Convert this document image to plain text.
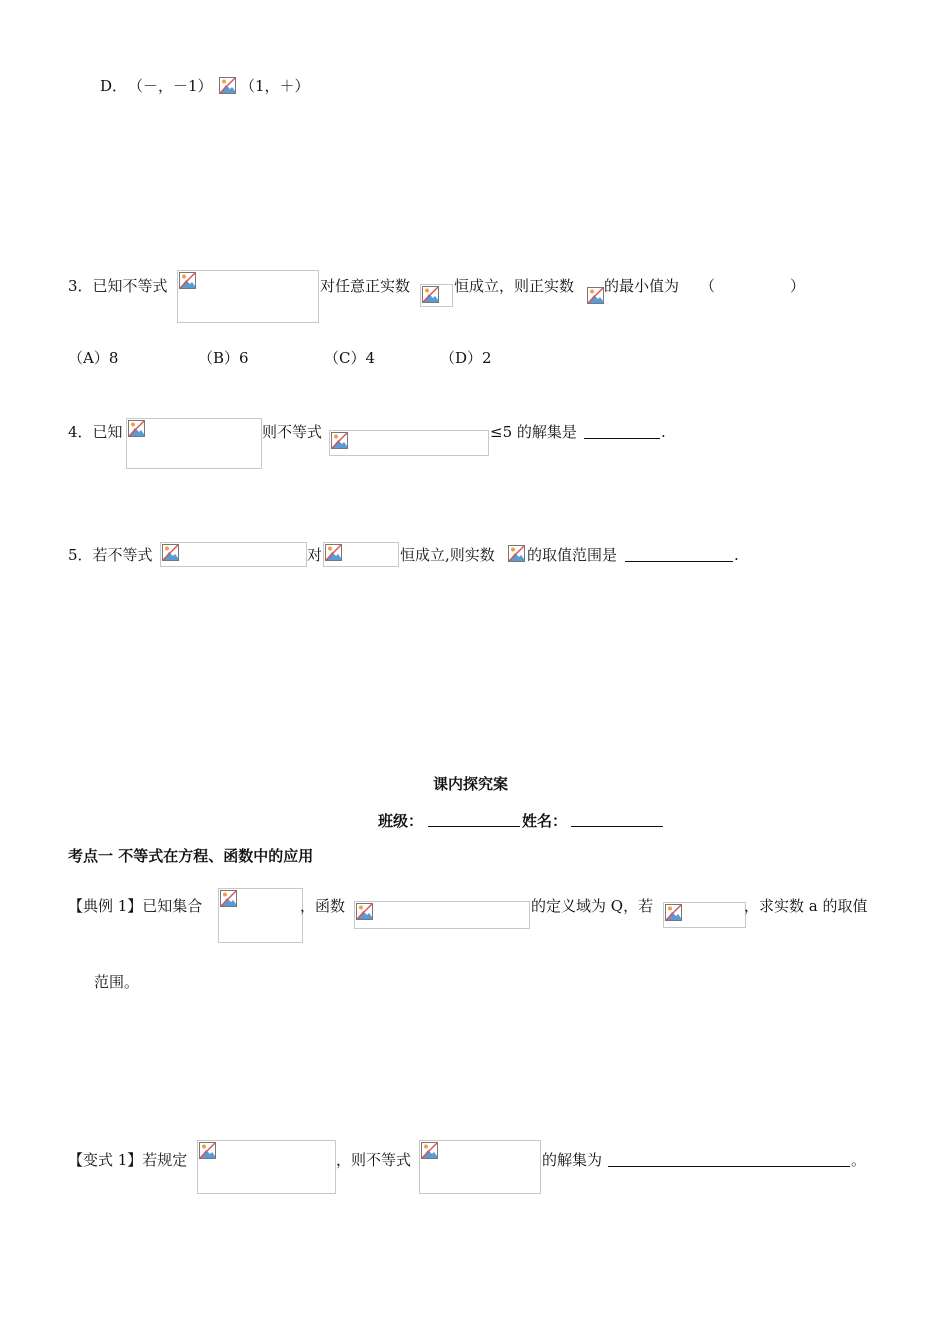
D． （－，－1） （1，＋）
3．已知不等式	对任意正实数	恒成立，则正实数 的最小值为 （　　　　　）
（A）8	（B）6	（C）4	（D）2
4．已知	则不等式	≤5 的解集是	.
5．若不等式	对	恒成立,则实数 的取值范围是	.
课内探究案
班级：	姓名：
考点一 不等式在方程、函数中的应用
【典例 1】已知集合	，函数	的定义域为 Q，若	，求实数 a 的取值
范围。
【变式 1】若规定	，则不等式	的解集为	。
